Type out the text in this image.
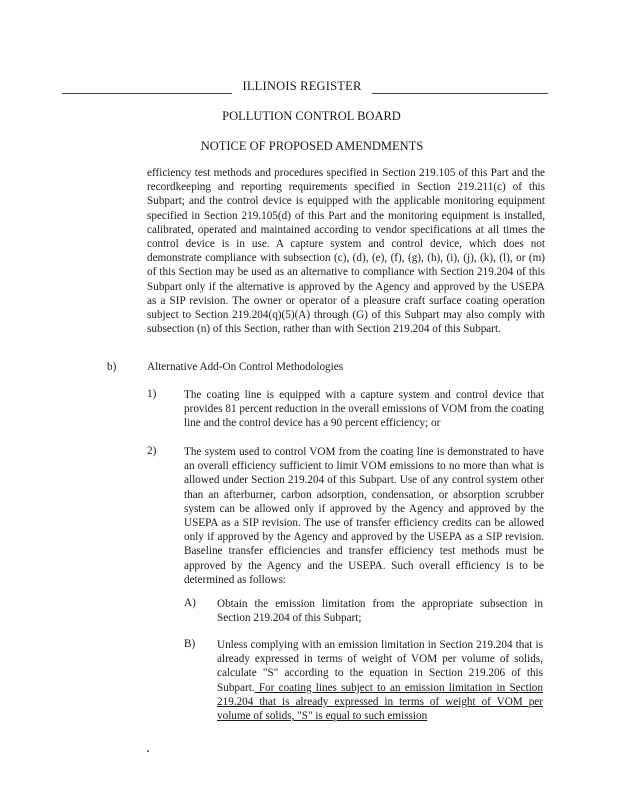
ILLINOIS REGISTER
POLLUTION CONTROL BOARD
NOTICE OF PROPOSED AMENDMENTS

efficiency test methods and procedures specified in Section 219.105 of this Part and the recordkeeping and reporting requirements specified in Section 219.211(c) of this Subpart; and the control device is equipped with the applicable monitoring equipment specified in Section 219.105(d) of this Part and the monitoring equipment is installed, calibrated, operated and maintained according to vendor specifications at all times the control device is in use. A capture system and control device, which does not demonstrate compliance with subsection (c), (d), (e), (f), (g), (h), (i), (j), (k), (l), or (m) of this Section may be used as an alternative to compliance with Section 219.204 of this Subpart only if the alternative is approved by the Agency and approved by the USEPA as a SIP revision. The owner or operator of a pleasure craft surface coating operation subject to Section 219.204(q)(5)(A) through (G) of this Subpart may also comply with subsection (n) of this Section, rather than with Section 219.204 of this Subpart.

b)	Alternative Add-On Control Methodologies
1) The coating line is equipped with a capture system and control device that provides 81 percent reduction in the overall emissions of VOM from the coating line and the control device has a 90 percent efficiency; or

2) The system used to control VOM from the coating line is demonstrated to have an overall efficiency sufficient to limit VOM emissions to no more than what is allowed under Section 219.204 of this Subpart. Use of any control system other than an afterburner, carbon adsorption, condensation, or absorption scrubber system can be allowed only if approved by the Agency and approved by the USEPA as a SIP revision. The use of transfer efficiency credits can be allowed only if approved by the Agency and approved by the USEPA as a SIP revision. Baseline transfer efficiencies and transfer efficiency test methods must be approved by the Agency and the USEPA. Such overall efficiency is to be determined as follows:

A) Obtain the emission limitation from the appropriate subsection in Section 219.204 of this Subpart;

B) Unless complying with an emission limitation in Section 219.204 that is already expressed in terms of weight of VOM per volume of solids, calculate "S" according to the equation in Section 219.206 of this Subpart. For coating lines subject to an emission limitation in Section 219.204 that is already expressed in terms of weight of VOM per volume of solids, "S" is equal to such emission
